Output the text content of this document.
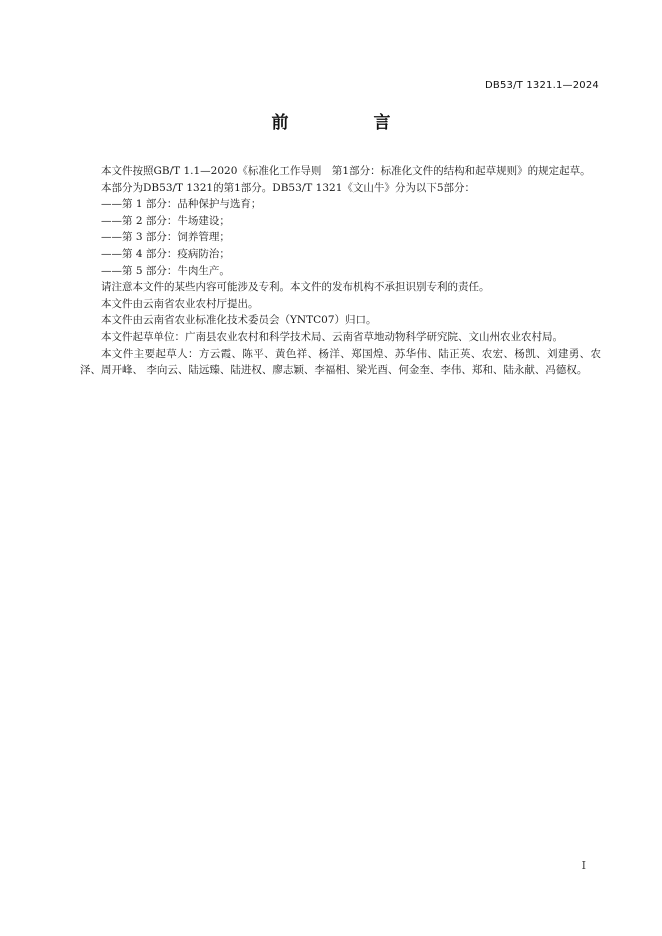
DB53/T 1321.1—2024
前　言

本文件按照GB/T 1.1—2020《标准化工作导则　第1部分：标准化文件的结构和起草规则》的规定起草。

本部分为DB53/T 1321的第1部分。DB53/T 1321《文山牛》分为以下5部分：

——第 1 部分：品种保护与选育；

——第 2 部分：牛场建设；

——第 3 部分：饲养管理；

——第 4 部分：疫病防治；

——第 5 部分：牛肉生产。

请注意本文件的某些内容可能涉及专利。本文件的发布机构不承担识别专利的责任。

本文件由云南省农业农村厅提出。

本文件由云南省农业标准化技术委员会（YNTC07）归口。

本文件起草单位：广南县农业农村和科学技术局、云南省草地动物科学研究院、文山州农业农村局。

本文件主要起草人：方云霞、陈平、黄色祥、杨洋、郑国煌、苏华伟、陆正英、农宏、杨凯、刘建勇、农泽、周开峰、 李向云、陆远臻、陆进权、廖志颖、李福相、梁光酉、何金奎、李伟、郑和、陆永献、冯德权。

I
